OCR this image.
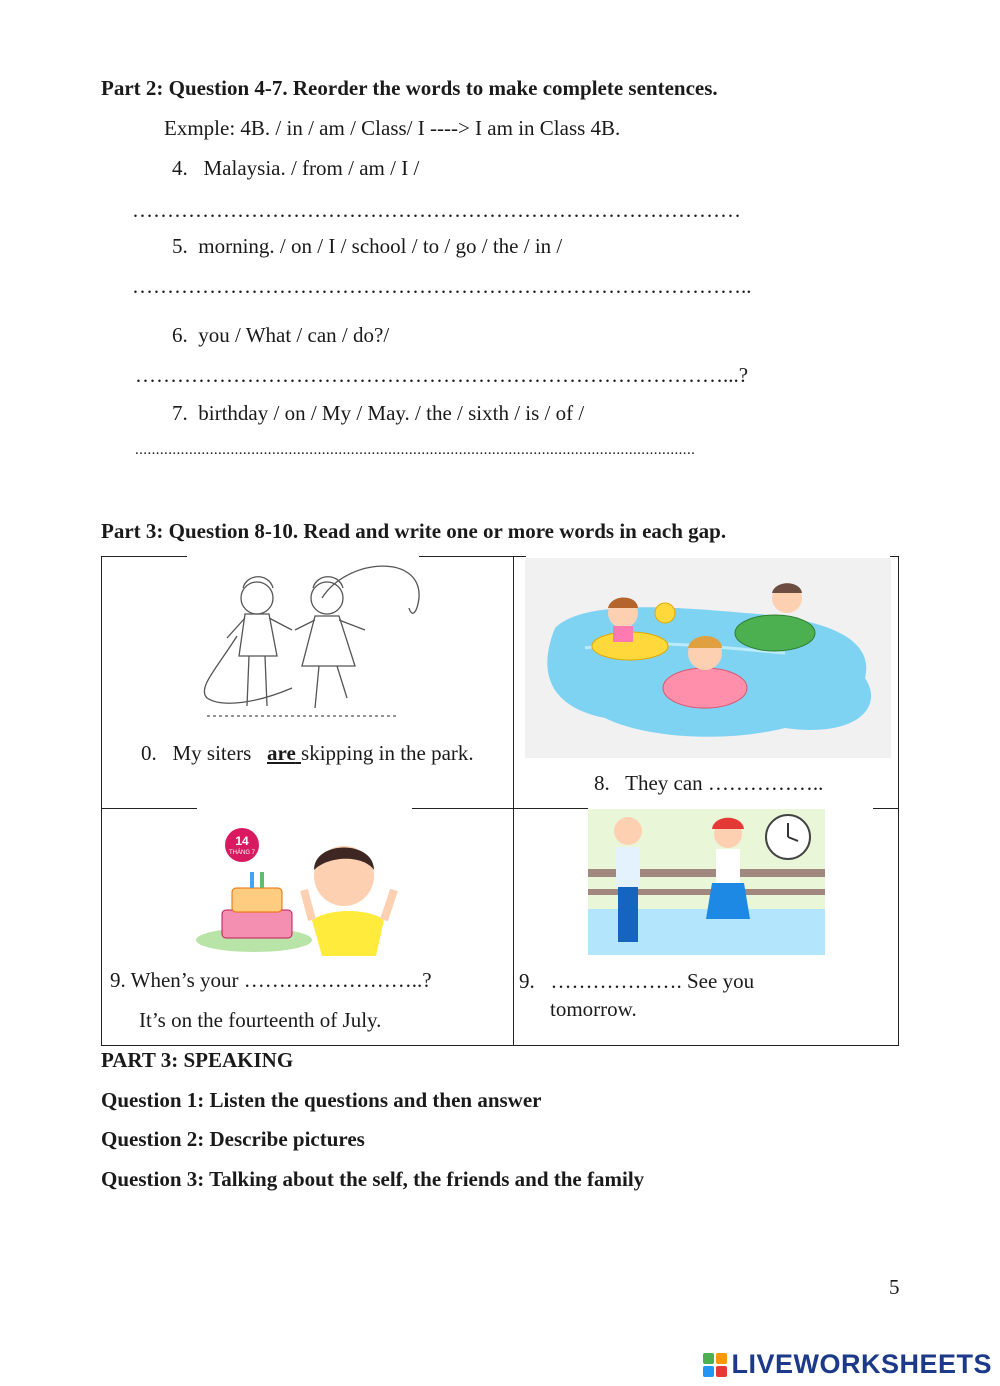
Part 2: Question 4-7. Reorder the words to make complete sentences.
Exmple: 4B. / in / am / Class/ I ----> I am in Class 4B.
4. Malaysia. / from / am / I /
……………………………………………………………………………
5. morning. / on / I / school / to / go / the / in /
……………………………………………………………………………..
6. you / What / can / do?/
…………………………………………………………………………...?
7. birthday / on / My / May. / the / sixth / is / of /
.......................................................................................................................................
Part 3: Question 8-10. Read and write one or more words in each gap.
0. My siters are skipping in the park.
8. They can ……………..
14
THÁNG 7
9. When’s your ……………………..?
It’s on the fourteenth of July.
9. ………………. See you
tomorrow.
PART 3: SPEAKING
Question 1: Listen the questions and then answer
Question 2: Describe pictures
Question 3: Talking about the self, the friends and the family
5
LIVEWORKSHEETS
